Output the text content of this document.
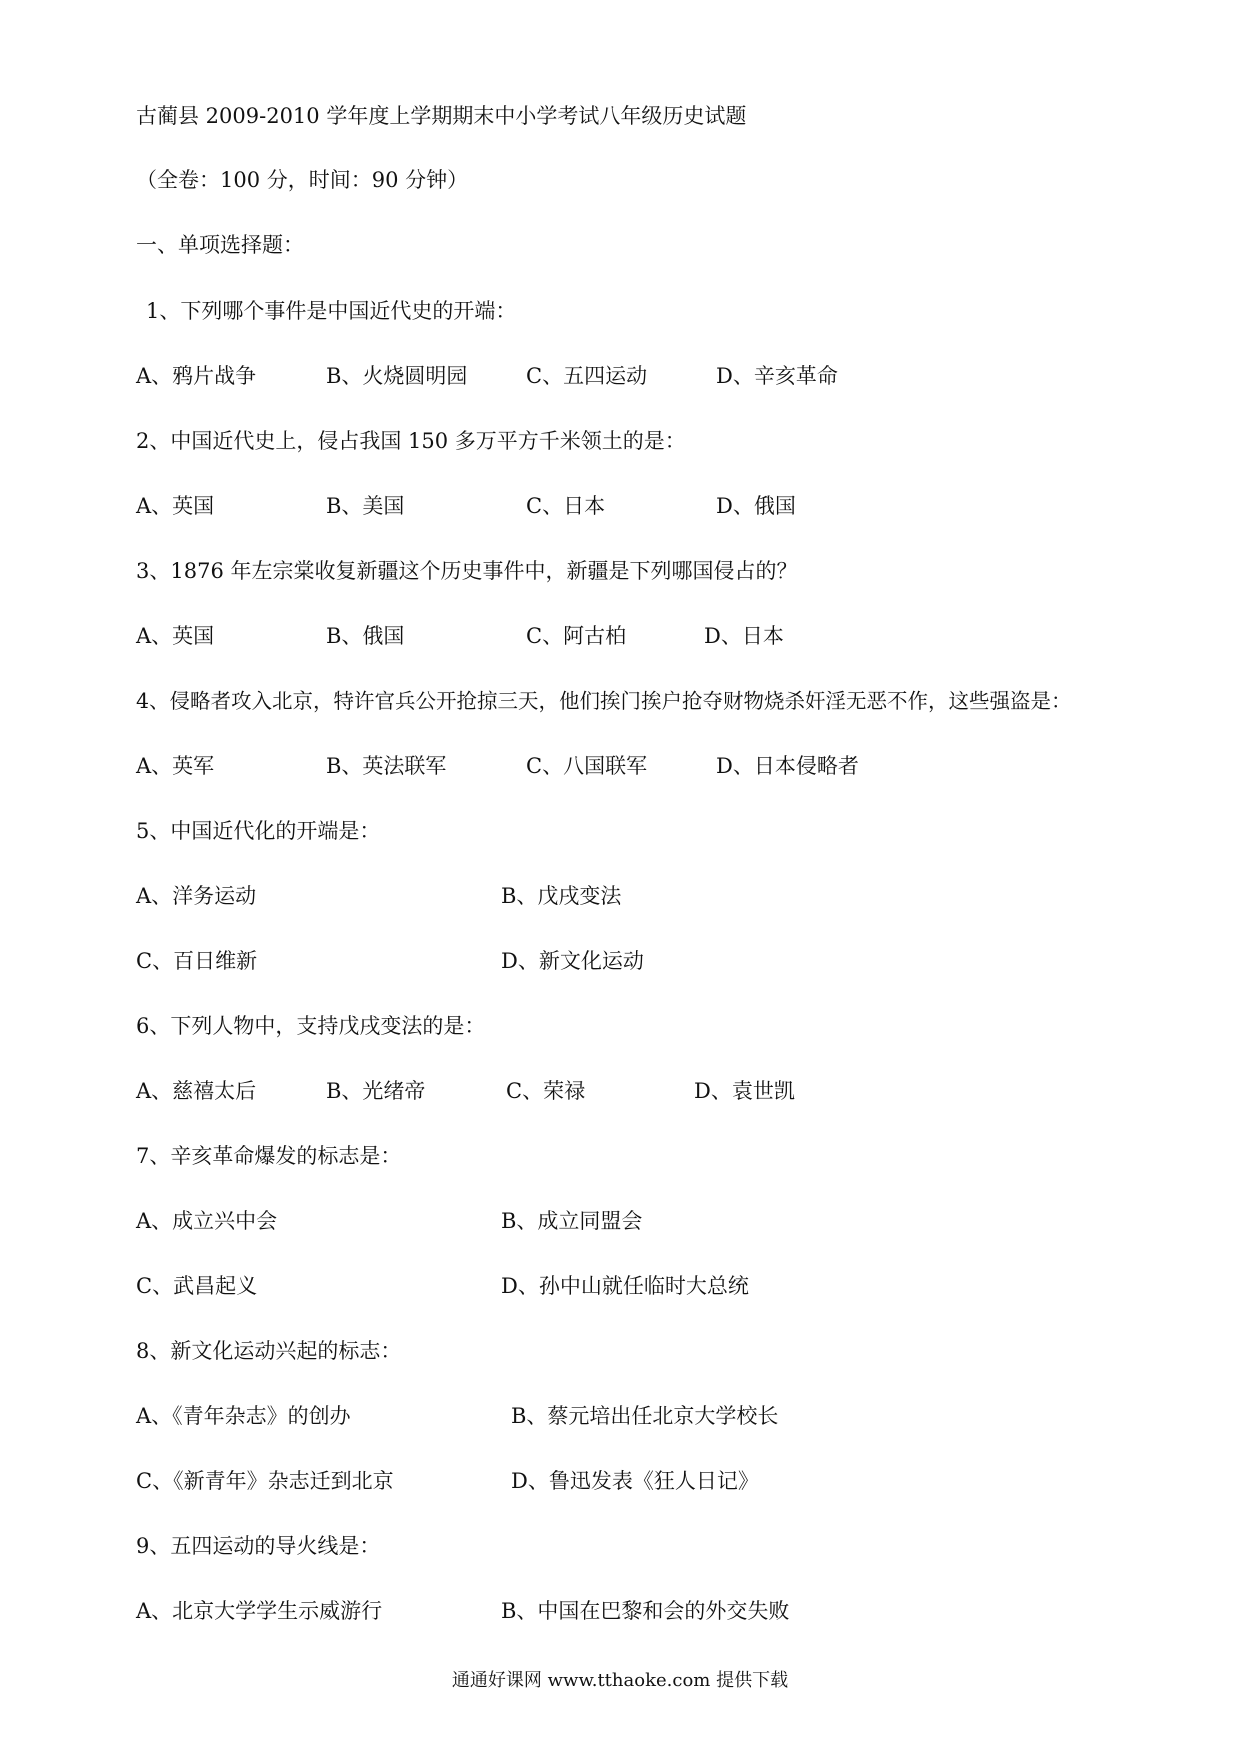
古蔺县 2009-2010 学年度上学期期末中小学考试八年级历史试题
（全卷：100 分，时间：90 分钟）
一、单项选择题：
1、下列哪个事件是中国近代史的开端：
A、鸦片战争	B、火烧圆明园	C、五四运动	D、辛亥革命
2、中国近代史上，侵占我国 150 多万平方千米领土的是：
A、英国	B、美国	C、日本	D、俄国
3、1876 年左宗棠收复新疆这个历史事件中，新疆是下列哪国侵占的？
A、英国	B、俄国	C、阿古柏	D、日本
4、侵略者攻入北京，特许官兵公开抢掠三天，他们挨门挨户抢夺财物烧杀奸淫无恶不作，这些强盗是：
A、英军	B、英法联军	C、八国联军	D、日本侵略者
5、中国近代化的开端是：
A、洋务运动	B、戊戌变法
C、百日维新	D、新文化运动
6、下列人物中，支持戊戌变法的是：
A、慈禧太后	B、光绪帝	C、荣禄	D、袁世凯
7、辛亥革命爆发的标志是：
A、成立兴中会	B、成立同盟会
C、武昌起义	D、孙中山就任临时大总统
8、新文化运动兴起的标志：
A、《青年杂志》的创办	B、蔡元培出任北京大学校长
C、《新青年》杂志迁到北京	D、鲁迅发表《狂人日记》
9、五四运动的导火线是：
A、北京大学学生示威游行	B、中国在巴黎和会的外交失败
通通好课网 www.tthaoke.com 提供下载
